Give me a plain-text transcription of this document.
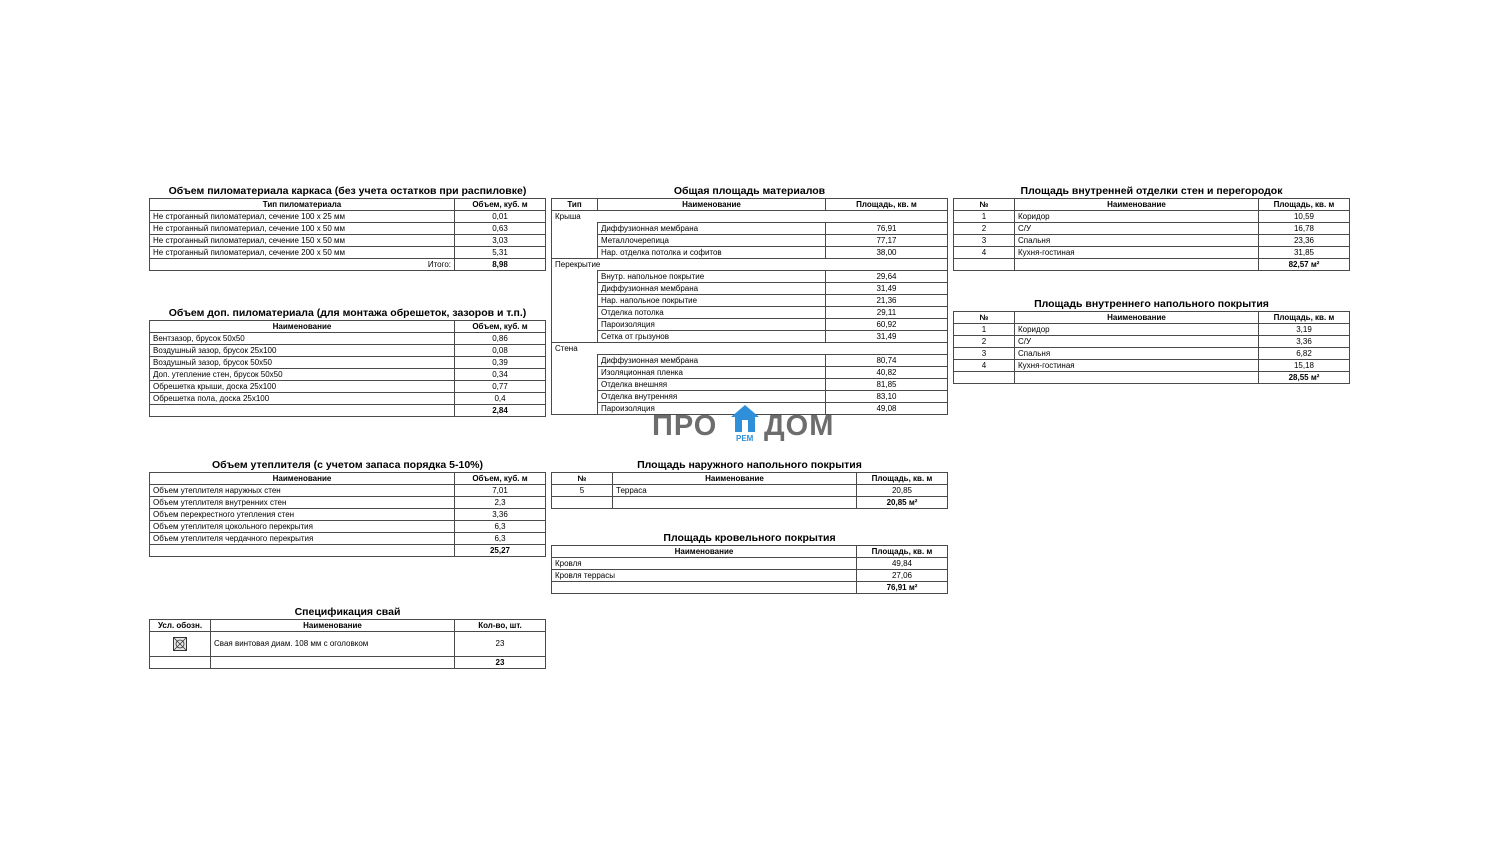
Объем пиломатериала каркаса (без учета остатков при распиловке)
Тип пиломатериала	Объем, куб. м
Не строганный пиломатериал, сечение 100 х 25 мм	0,01
Не строганный пиломатериал, сечение 100 х 50 мм	0,63
Не строганный пиломатериал, сечение 150 х 50 мм	3,03
Не строганный пиломатериал, сечение 200 х 50 мм	5,31
Итого:	8,98
Объем доп. пиломатериала (для монтажа обрешеток, зазоров и т.п.)
Наименование	Объем, куб. м
Вентзазор, брусок 50х50	0,86
Воздушный зазор, брусок 25х100	0,08
Воздушный зазор, брусок 50х50	0,39
Доп. утепление стен, брусок 50х50	0,34
Обрешетка крыши, доска 25х100	0,77
Обрешетка пола, доска 25х100	0,4
	2,84
Объем утеплителя (с учетом запаса порядка 5-10%)
Наименование	Объем, куб. м
Объем утеплителя наружных стен	7,01
Объем утеплителя внутренних стен	2,3
Объем перекрестного утепления стен	3,36
Объем утеплителя цокольного перекрытия	6,3
Объем утеплителя чердачного перекрытия	6,3
	25,27
Спецификация свай
Усл. обозн.	Наименование	Кол-во, шт.
	Свая винтовая диам. 108 мм с оголовком	23
		23
Общая площадь материалов
Тип	Наименование	Площадь, кв. м
Крыша		
	Диффузионная мембрана	76,91
	Металлочерепица	77,17
	Нар. отделка потолка и софитов	38,00
Перекрытие		
	Внутр. напольное покрытие	29,64
	Диффузионная мембрана	31,49
	Нар. напольное покрытие	21,36
	Отделка потолка	29,11
	Пароизоляция	60,92
	Сетка от грызунов	31,49
Стена		
	Диффузионная мембрана	80,74
	Изоляционная пленка	40,82
	Отделка внешняя	81,85
	Отделка внутренняя	83,10
	Пароизоляция	49,08
ПРО РЕМ ДОМ
Площадь наружного напольного покрытия
№	Наименование	Площадь, кв. м
5	Терраса	20,85
		20,85 м²
Площадь кровельного покрытия
Наименование	Площадь, кв. м
Кровля	49,84
Кровля террасы	27,06
	76,91 м²
Площадь внутренней отделки стен и перегородок
№	Наименование	Площадь, кв. м
1	Коридор	10,59
2	С/У	16,78
3	Спальня	23,36
4	Кухня-гостиная	31,85
		82,57 м²
Площадь внутреннего напольного покрытия
№	Наименование	Площадь, кв. м
1	Коридор	3,19
2	С/У	3,36
3	Спальня	6,82
4	Кухня-гостиная	15,18
		28,55 м²
